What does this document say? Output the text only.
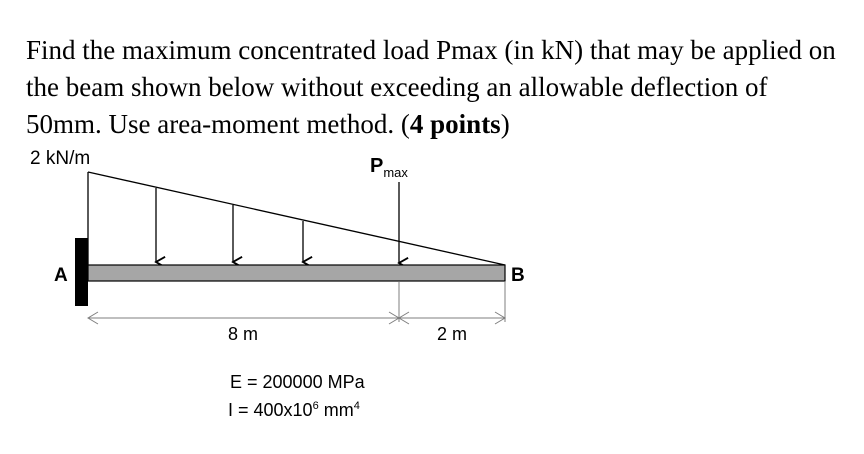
Find the maximum concentrated load Pmax (in kN) that may be applied on the beam shown below without exceeding an allowable deflection of 50mm. Use area-moment method. (4 points)
2 kN/m	$P_{max}$
A	B
8 m	2 m
E = 200000 MPa
$I = 400x10^6$ $mm^4$
